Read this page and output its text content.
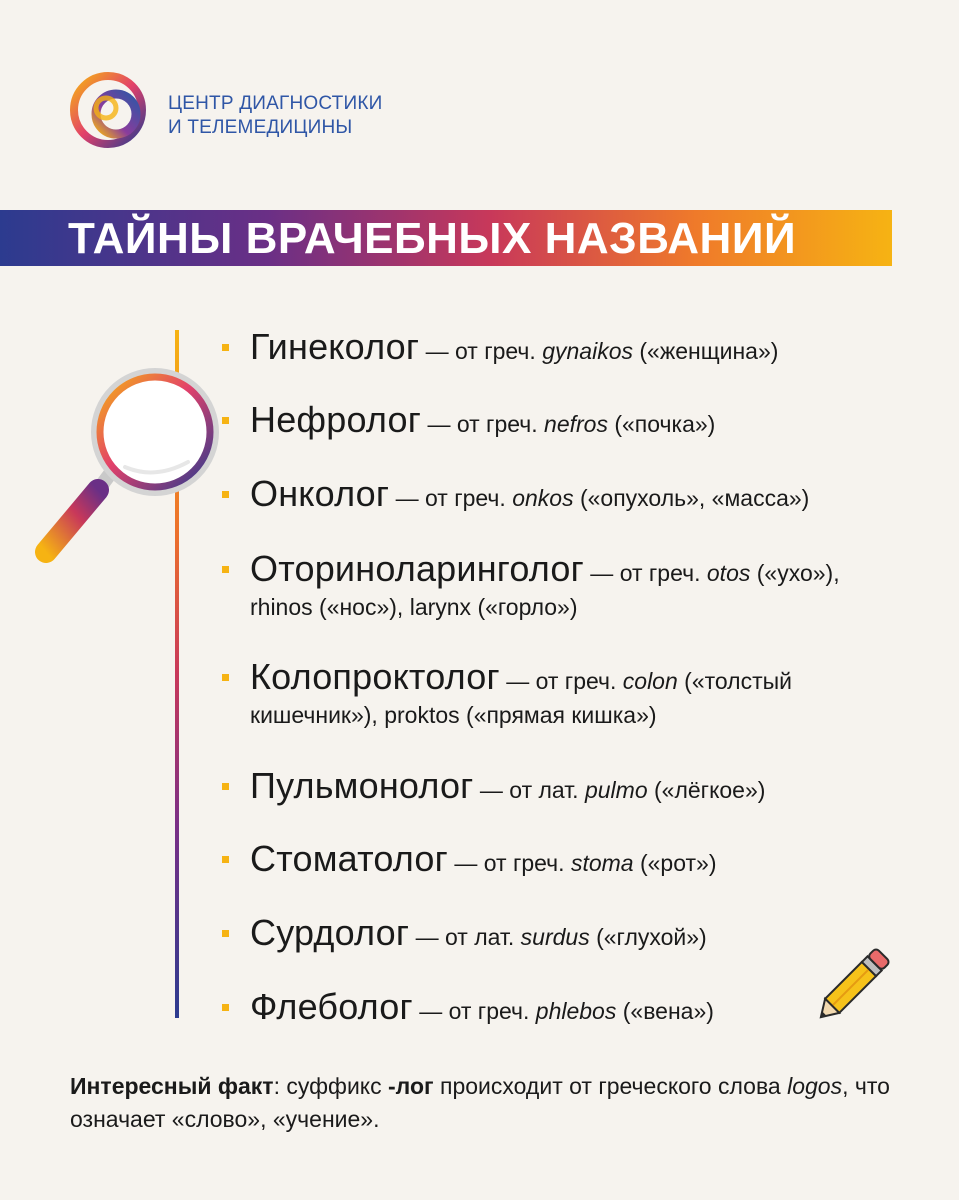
ЦЕНТР ДИАГНОСТИКИ
И ТЕЛЕМЕДИЦИНЫ
ТАЙНЫ ВРАЧЕБНЫХ НАЗВАНИЙ
Гинеколог — от греч. gynaikos («женщина»)
Нефролог — от греч. nefros («почка»)
Онколог — от греч. onkos («опухоль», «масса»)
Оториноларинголог — от греч. otos («ухо»),
rhinos («нос»), larynx («горло»)
Колопроктолог — от греч. colon («толстый
кишечник»), proktos («прямая кишка»)
Пульмонолог — от лат. pulmo («лёгкое»)
Стоматолог — от греч. stoma («рот»)
Сурдолог — от лат. surdus («глухой»)
Флеболог — от греч. phlebos («вена»)
Интересный факт: суффикс -лог происходит от греческого слова logos, что означает «слово», «учение».
